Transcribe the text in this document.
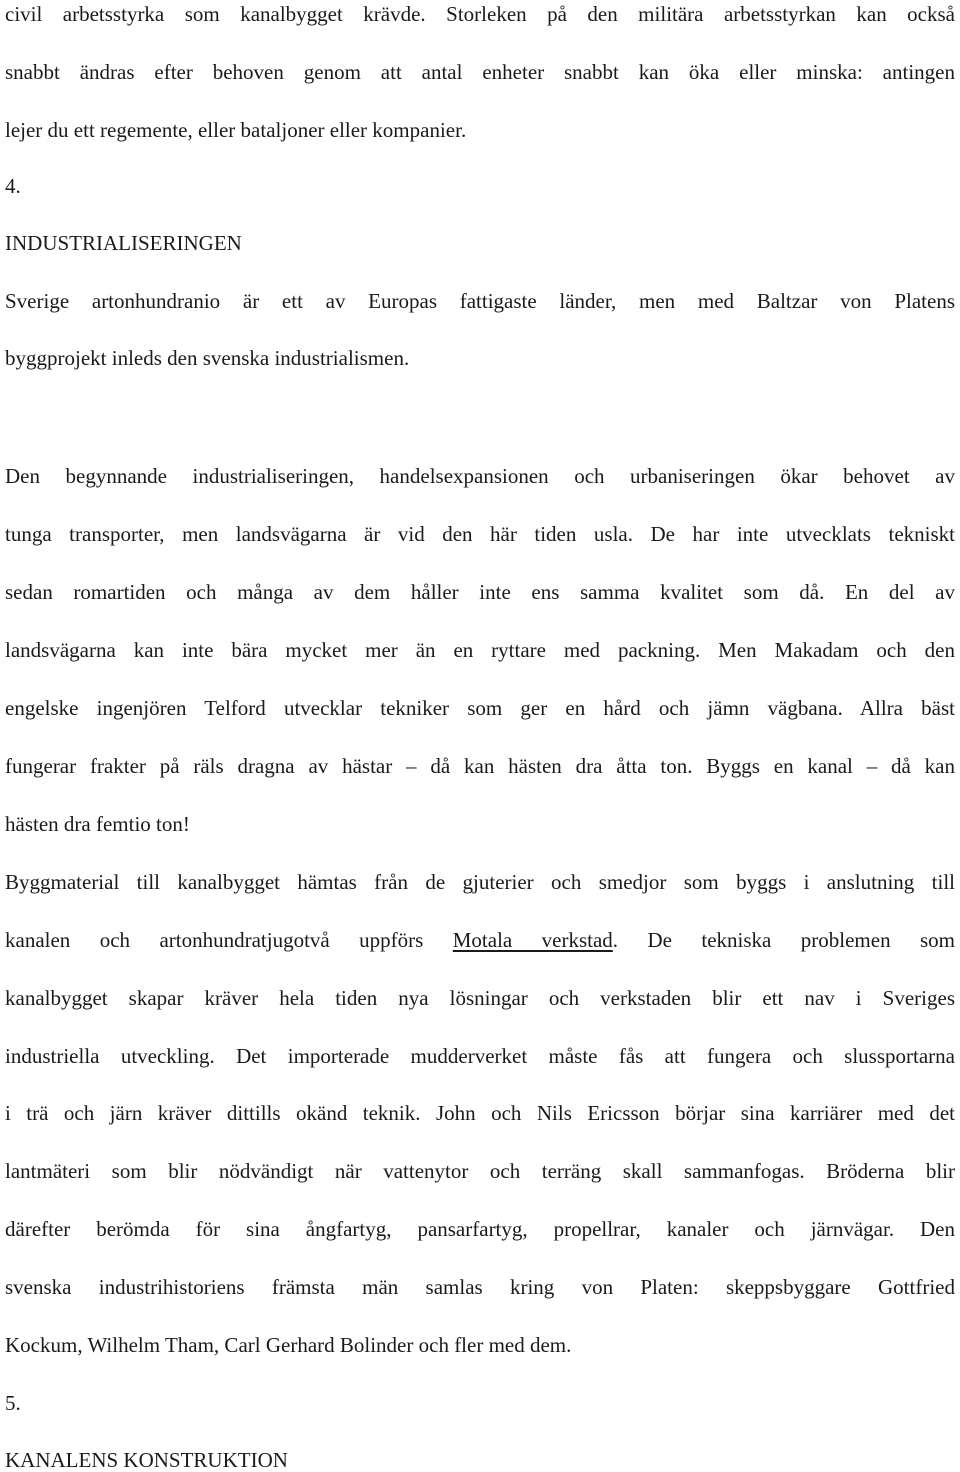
civil arbetsstyrka som kanalbygget krävde. Storleken på den militära arbetsstyrkan kan också
snabbt ändras efter behoven genom att antal enheter snabbt kan öka eller minska: antingen
lejer du ett regemente, eller bataljoner eller kompanier.
4.
INDUSTRIALISERINGEN
Sverige artonhundranio är ett av Europas fattigaste länder, men med Baltzar von Platens
byggprojekt inleds den svenska industrialismen.
Den begynnande industrialiseringen, handelsexpansionen och urbaniseringen ökar behovet av
tunga transporter, men landsvägarna är vid den här tiden usla. De har inte utvecklats tekniskt
sedan romartiden och många av dem håller inte ens samma kvalitet som då. En del av
landsvägarna kan inte bära mycket mer än en ryttare med packning. Men Makadam och den
engelske ingenjören Telford utvecklar tekniker som ger en hård och jämn vägbana. Allra bäst
fungerar frakter på räls dragna av hästar – då kan hästen dra åtta ton. Byggs en kanal – då kan
hästen dra femtio ton!
Byggmaterial till kanalbygget hämtas från de gjuterier och smedjor som byggs i anslutning till
kanalen och artonhundratjugotvå uppförs Motala verkstad. De tekniska problemen som
kanalbygget skapar kräver hela tiden nya lösningar och verkstaden blir ett nav i Sveriges
industriella utveckling. Det importerade mudderverket måste fås att fungera och slussportarna
i trä och järn kräver dittills okänd teknik. John och Nils Ericsson börjar sina karriärer med det
lantmäteri som blir nödvändigt när vattenytor och terräng skall sammanfogas. Bröderna blir
därefter berömda för sina ångfartyg, pansarfartyg, propellrar, kanaler och järnvägar. Den
svenska industrihistoriens främsta män samlas kring von Platen: skeppsbyggare Gottfried
Kockum, Wilhelm Tham, Carl Gerhard Bolinder och fler med dem.
5.
KANALENS KONSTRUKTION
